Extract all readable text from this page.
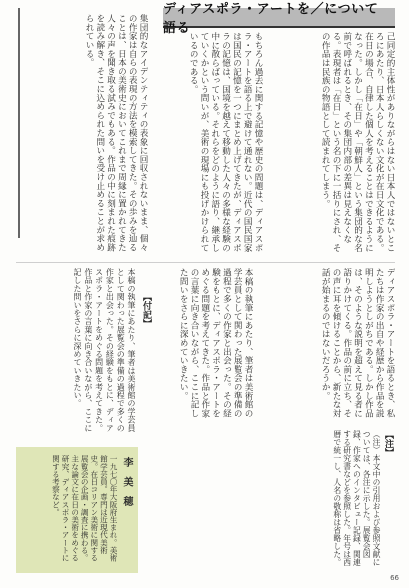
ディアスポラ・アートを／について語る
己同定的主体性がありながらはない日本人ではないところにあたり、日本人らしくない文化が在日文化である。在日の場合、自律した個人を考えることはできるようになった。しかし「在日」や「朝鮮人」という集団的な名前で呼ばれるとき、その集団内部の差異は見えなくなる。表現者は「在日」という名の下に一括りにされ、その作品は民族の物語として読まれてしまう。
もちろん過去に関する記憶や歴史の問題は、ディアスポラ・アートを語る上で避けて通れない。近代の国民国家は国民の記憶を一つにまとめ上げてきたが、ディアスポラの記憶は、国境を越えて移動した人々の多様な経験の中に散らばっている。それらをどのように語り、継承していくかという問いが、美術の現場にも投げかけられているのである。
集団的なアイデンティティの表象に回収されないまま、個々の作家は自らの表現の方法を模索してきた。その歩みを辿ることは、日本の美術史においてこれまで周縁に置かれてきた人々の声を聞き取る試みでもある。作品の中に刻まれた痕跡を読み解き、そこに込められた問いを受け止めることが求められている。
ディアスポラ・アートを語るとき、私たちは作家の出自や経歴から作品を説明しようとしがちである。しかし作品は、そのような説明を超えて見る者に語りかけてくる。作品の前に立ち、その声に耳を傾けることから、新たな対話が始まるのではないだろうか。
本稿の執筆にあたり、筆者は美術館の学芸員として関わった展覧会の準備の過程で多くの作家と出会った。その経験をもとに、ディアスポラ・アートをめぐる問題を考えてきた。作品と作家の言葉に向き合いながら、ここに記した問いをさらに深めていきたい。
【付記】
本稿の執筆にあたり、筆者は美術館の学芸員として関わった展覧会の準備の過程で多くの作家と出会った。その経験をもとに、ディアスポラ・アートをめぐる問題を考えてきた。作品と作家の言葉に向き合いながら、ここに記した問いをさらに深めていきたい。
【注】
（注）本文中の引用および参照文献については、各注に示した。展覧会図録、作家へのインタビュー記録、関連する研究書などを参照した。年号は西暦で統一し、人名の敬称は省略した。
李 美 穂
一九七〇年大阪府生まれ。美術館学芸員。専門は近現代美術史。在日コリアン美術に関する展覧会の企画・調査に携わる。主な論文に在日の美術をめぐる研究、ディアスポラ・アートに関する考察など。
66
